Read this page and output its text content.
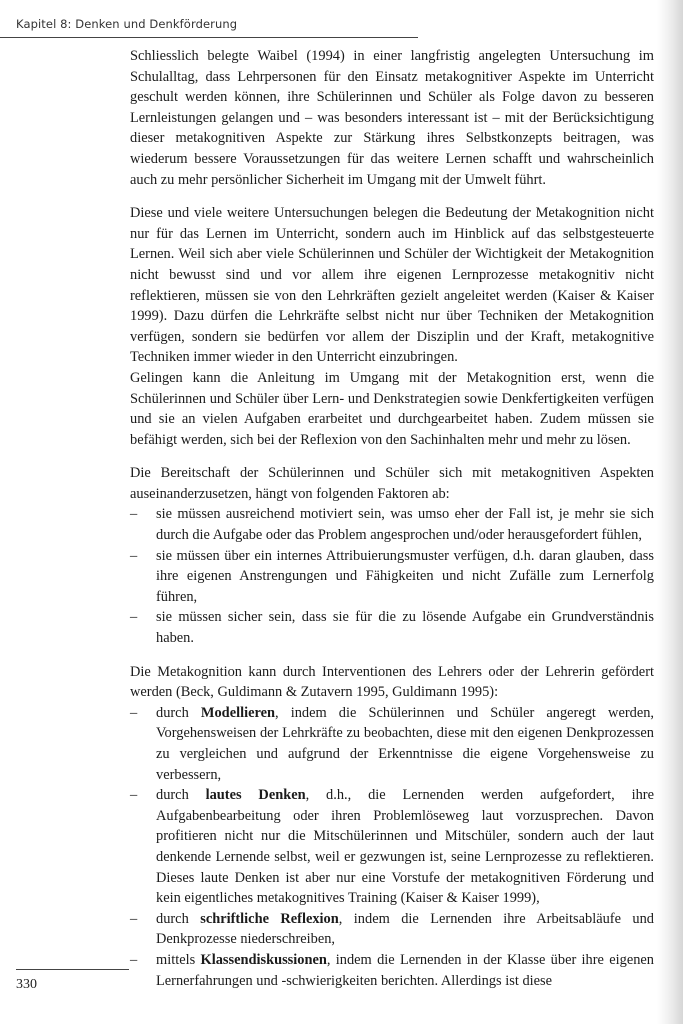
Kapitel 8: Denken und Denkförderung

Schliesslich belegte Waibel (1994) in einer langfristig angelegten Untersuchung im Schulalltag, dass Lehrpersonen für den Einsatz metakognitiver Aspekte im Unterricht geschult werden können, ihre Schülerinnen und Schüler als Folge davon zu besseren Lernleistungen gelangen und – was besonders interessant ist – mit der Berücksichtigung dieser metakognitiven Aspekte zur Stärkung ihres Selbstkonzepts beitragen, was wiederum bessere Voraussetzungen für das weitere Lernen schafft und wahrscheinlich auch zu mehr persönlicher Sicherheit im Umgang mit der Umwelt führt.

Diese und viele weitere Untersuchungen belegen die Bedeutung der Metakognition nicht nur für das Lernen im Unterricht, sondern auch im Hinblick auf das selbstgesteuerte Lernen. Weil sich aber viele Schülerinnen und Schüler der Wichtigkeit der Metakognition nicht bewusst sind und vor allem ihre eigenen Lernprozesse metakognitiv nicht reflektieren, müssen sie von den Lehrkräften gezielt angeleitet werden (Kaiser & Kaiser 1999). Dazu dürfen die Lehrkräfte selbst nicht nur über Techniken der Metakognition verfügen, sondern sie bedürfen vor allem der Disziplin und der Kraft, metakognitive Techniken immer wieder in den Unterricht einzubringen.

Gelingen kann die Anleitung im Umgang mit der Metakognition erst, wenn die Schülerinnen und Schüler über Lern- und Denkstrategien sowie Denkfertigkeiten verfügen und sie an vielen Aufgaben erarbeitet und durchgearbeitet haben. Zudem müssen sie befähigt werden, sich bei der Reflexion von den Sachinhalten mehr und mehr zu lösen.

Die Bereitschaft der Schülerinnen und Schüler sich mit metakognitiven Aspekten auseinanderzusetzen, hängt von folgenden Faktoren ab:

– sie müssen ausreichend motiviert sein, was umso eher der Fall ist, je mehr sie sich durch die Aufgabe oder das Problem angesprochen und/oder herausgefordert fühlen,
– sie müssen über ein internes Attribuierungsmuster verfügen, d.h. daran glauben, dass ihre eigenen Anstrengungen und Fähigkeiten und nicht Zufälle zum Lernerfolg führen,
– sie müssen sicher sein, dass sie für die zu lösende Aufgabe ein Grundverständnis haben.

Die Metakognition kann durch Interventionen des Lehrers oder der Lehrerin gefördert werden (Beck, Guldimann & Zutavern 1995, Guldimann 1995):

– durch Modellieren, indem die Schülerinnen und Schüler angeregt werden, Vorgehensweisen der Lehrkräfte zu beobachten, diese mit den eigenen Denkprozessen zu vergleichen und aufgrund der Erkenntnisse die eigene Vorgehensweise zu verbessern,
– durch lautes Denken, d.h., die Lernenden werden aufgefordert, ihre Aufgabenbearbeitung oder ihren Problemlöseweg laut vorzusprechen. Davon profitieren nicht nur die Mitschülerinnen und Mitschüler, sondern auch der laut denkende Lernende selbst, weil er gezwungen ist, seine Lernprozesse zu reflektieren. Dieses laute Denken ist aber nur eine Vorstufe der metakognitiven Förderung und kein eigentliches metakognitives Training (Kaiser & Kaiser 1999),
– durch schriftliche Reflexion, indem die Lernenden ihre Arbeitsabläufe und Denkprozesse niederschreiben,
– mittels Klassendiskussionen, indem die Lernenden in der Klasse über ihre eigenen Lernerfahrungen und -schwierigkeiten berichten. Allerdings ist diese
330
